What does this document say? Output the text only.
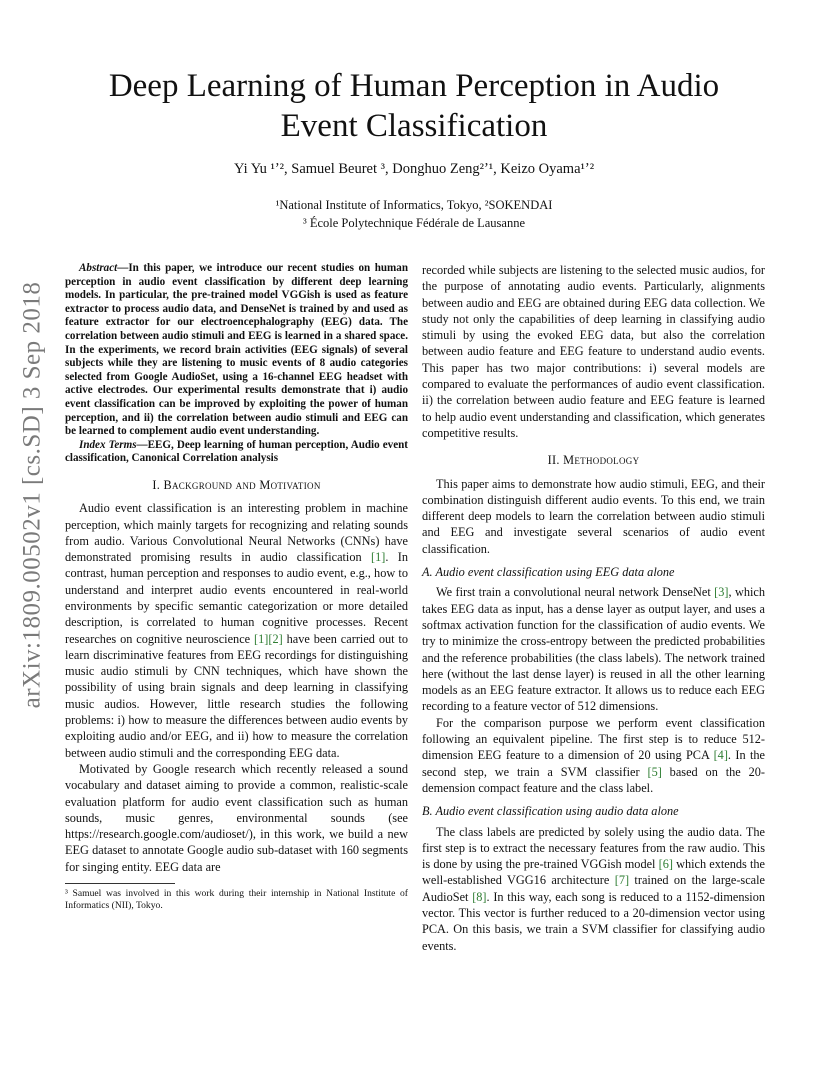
arXiv:1809.00502v1 [cs.SD] 3 Sep 2018
Deep Learning of Human Perception in Audio Event Classification
Yi Yu ¹ʼ², Samuel Beuret ³, Donghuo Zeng²ʼ¹, Keizo Oyama¹ʼ²
¹National Institute of Informatics, Tokyo, ²SOKENDAI
³ École Polytechnique Fédérale de Lausanne

Abstract—In this paper, we introduce our recent studies on human perception in audio event classification by different deep learning models. In particular, the pre-trained model VGGish is used as feature extractor to process audio data, and DenseNet is trained by and used as feature extractor for our electroencephalography (EEG) data. The correlation between audio stimuli and EEG is learned in a shared space. In the experiments, we record brain activities (EEG signals) of several subjects while they are listening to music events of 8 audio categories selected from Google AudioSet, using a 16-channel EEG headset with active electrodes. Our experimental results demonstrate that i) audio event classification can be improved by exploiting the power of human perception, and ii) the correlation between audio stimuli and EEG can be learned to complement audio event understanding.

Index Terms—EEG, Deep learning of human perception, Audio event classification, Canonical Correlation analysis

I. Background and Motivation

Audio event classification is an interesting problem in machine perception, which mainly targets for recognizing and relating sounds from audio. Various Convolutional Neural Networks (CNNs) have demonstrated promising results in audio classification [1]. In contrast, human perception and responses to audio event, e.g., how to understand and interpret audio events encountered in real-world environments by specific semantic categorization or more detailed description, is correlated to human cognitive processes. Recent researches on cognitive neuroscience [1][2] have been carried out to learn discriminative features from EEG recordings for distinguishing music audio stimuli by CNN techniques, which have shown the possibility of using brain signals and deep learning in classifying music audios. However, little research studies the following problems: i) how to measure the differences between audio events by exploiting audio and/or EEG, and ii) how to measure the correlation between audio stimuli and the corresponding EEG data.

Motivated by Google research which recently released a sound vocabulary and dataset aiming to provide a common, realistic-scale evaluation platform for audio event classification such as human sounds, music genres, environmental sounds (see https://research.google.com/audioset/), in this work, we build a new EEG dataset to annotate Google audio sub-dataset with 160 segments for singing entity. EEG data are

³ Samuel was involved in this work during their internship in National Institute of Informatics (NII), Tokyo.

recorded while subjects are listening to the selected music audios, for the purpose of annotating audio events. Particularly, alignments between audio and EEG are obtained during EEG data collection. We study not only the capabilities of deep learning in classifying audio stimuli by using the evoked EEG data, but also the correlation between audio feature and EEG feature to understand audio events. This paper has two major contributions: i) several models are compared to evaluate the performances of audio event classification. ii) the correlation between audio feature and EEG feature is learned to help audio event understanding and classification, which generates competitive results.

II. Methodology

This paper aims to demonstrate how audio stimuli, EEG, and their combination distinguish different audio events. To this end, we train different deep models to learn the correlation between audio stimuli and EEG and investigate several scenarios of audio event classification.

A. Audio event classification using EEG data alone

We first train a convolutional neural network DenseNet [3], which takes EEG data as input, has a dense layer as output layer, and uses a softmax activation function for the classification of audio events. We try to minimize the cross-entropy between the predicted probabilities and the reference probabilities (the class labels). The network trained here (without the last dense layer) is reused in all the other learning models as an EEG feature extractor. It allows us to reduce each EEG recording to a feature vector of 512 dimensions.

For the comparison purpose we perform event classification following an equivalent pipeline. The first step is to reduce 512-dimension EEG feature to a dimension of 20 using PCA [4]. In the second step, we train a SVM classifier [5] based on the 20-demension compact feature and the class label.

B. Audio event classification using audio data alone

The class labels are predicted by solely using the audio data. The first step is to extract the necessary features from the raw audio. This is done by using the pre-trained VGGish model [6] which extends the well-established VGG16 architecture [7] trained on the large-scale AudioSet [8]. In this way, each song is reduced to a 1152-dimension vector. This vector is further reduced to a 20-dimension vector using PCA. On this basis, we train a SVM classifier for classifying audio events.
